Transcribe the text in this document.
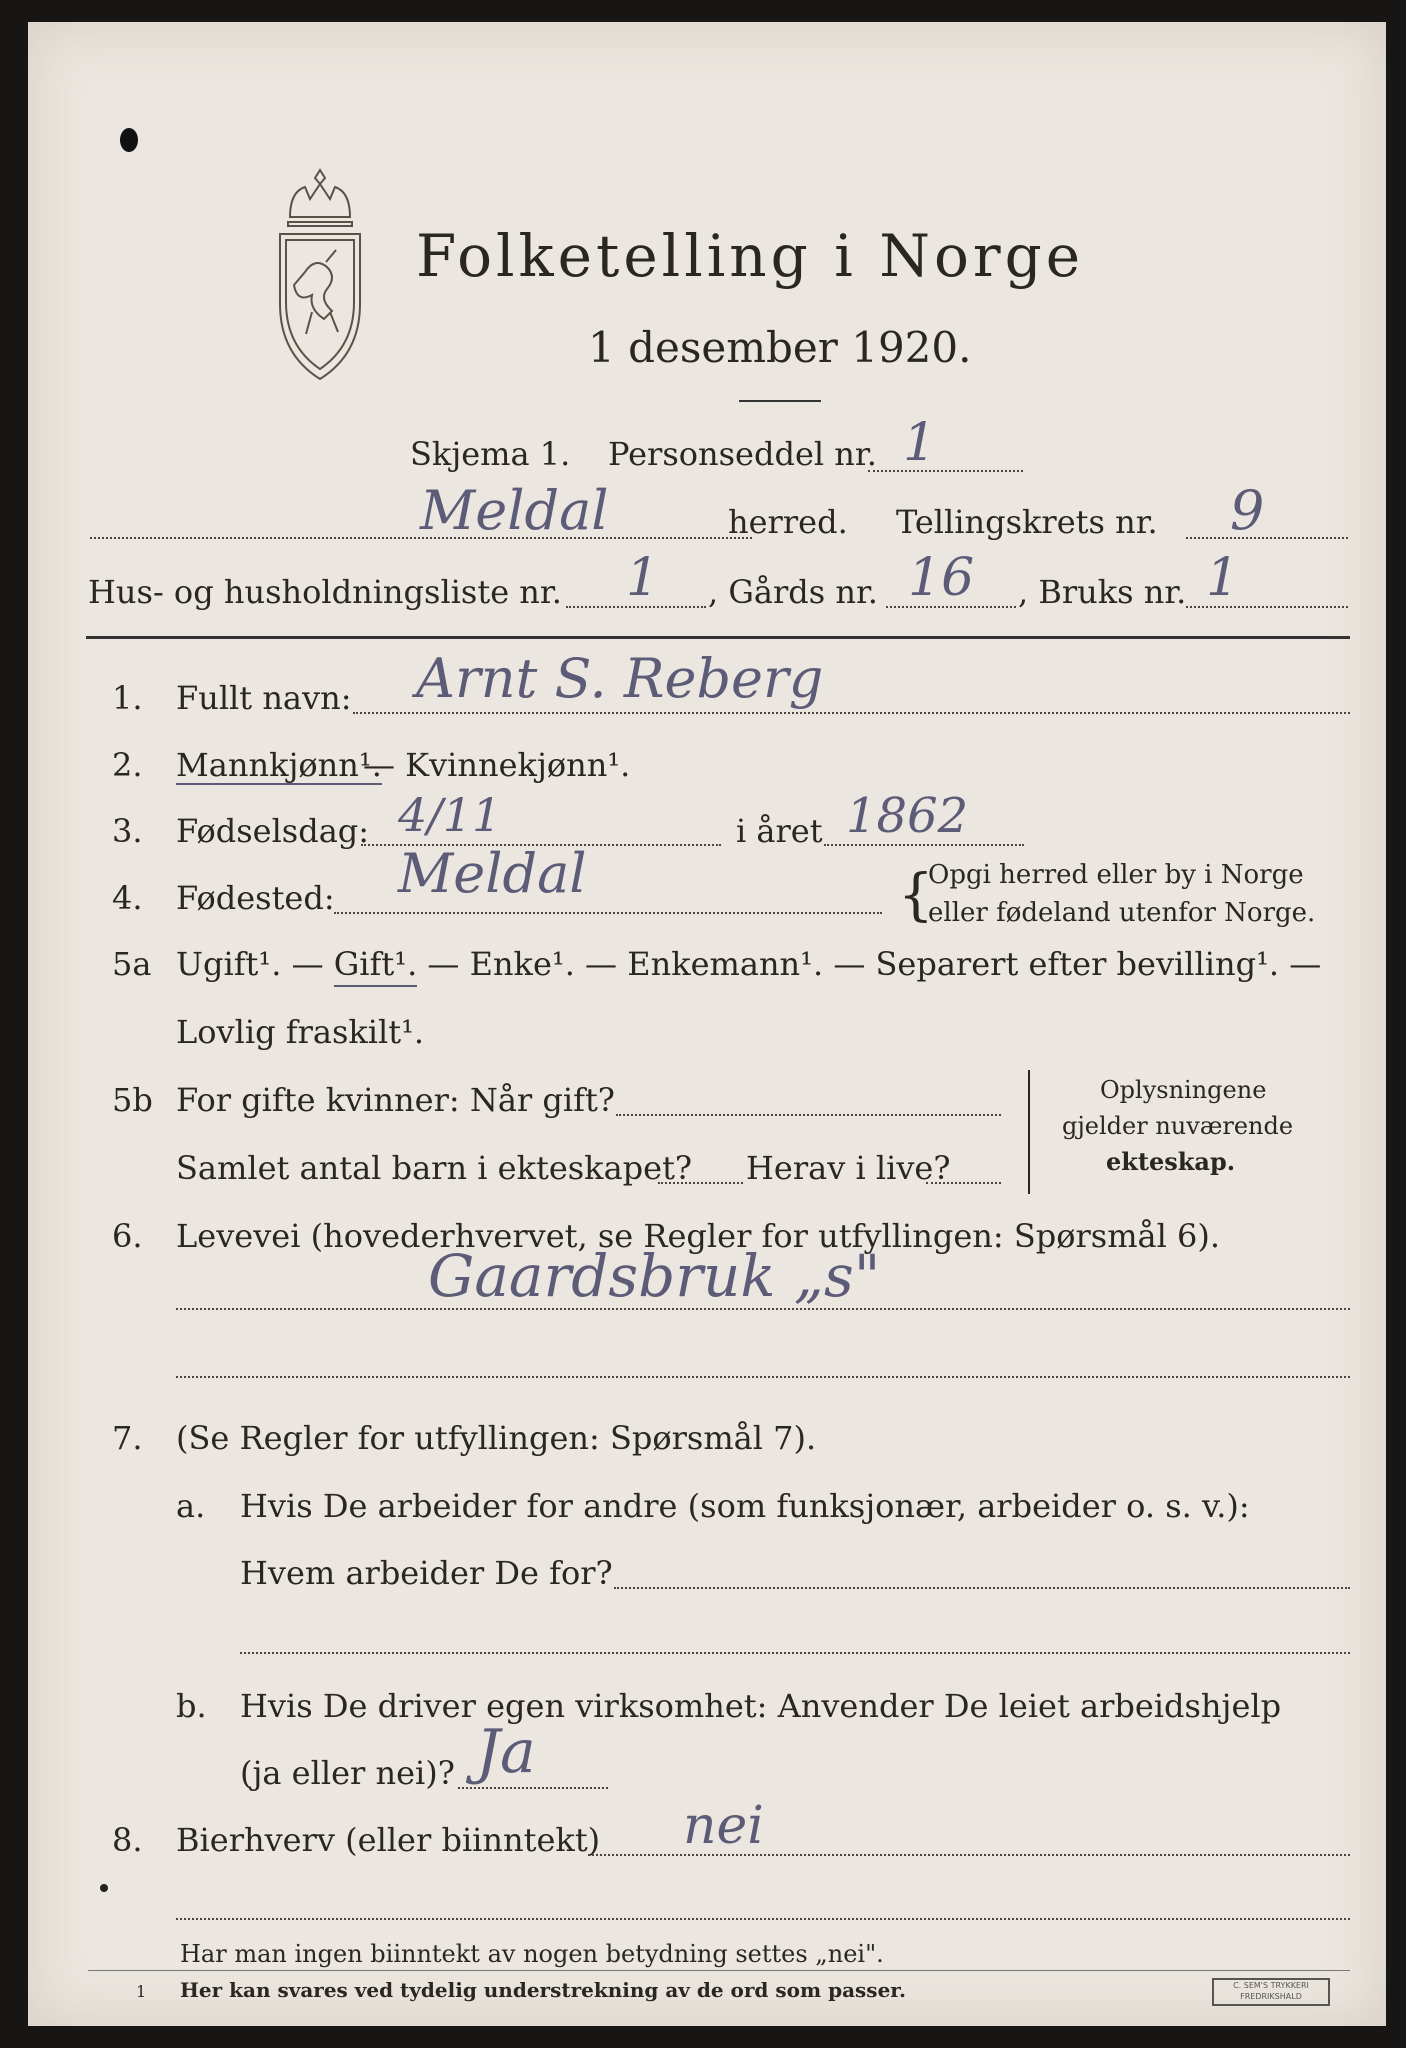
Folketelling i Norge
1 desember 1920.
Skjema 1. Personseddel nr. 1
Meldal	herred. Tellingskrets nr. 9
Hus- og husholdningsliste nr. 1 , Gårds nr. 16 , Bruks nr. 1
1. Fullt navn: Arnt S. Reberg
2. Mannkjønn¹.
— Kvinnekjønn¹.
3. Fødselsdag: 4/11	i året 1862
4. Fødested: Meldal	{
Opgi herred eller by i Norge
eller fødeland utenfor Norge.
5a Ugift¹. — Gift¹. — Enke¹. — Enkemann¹. — Separert efter bevilling¹. —
Lovlig fraskilt¹.
5b For gifte kvinner: Når gift?
Samlet antal barn i ekteskapet? Herav i live?
Oplysningene
gjelder nuværende
ekteskap.
6. Levevei (hovederhvervet, se Regler for utfyllingen: Spørsmål 6).
Gaardsbruk „s"
7. (Se Regler for utfyllingen: Spørsmål 7).
a. Hvis De arbeider for andre (som funksjonær, arbeider o. s. v.):
Hvem arbeider De for?
b. Hvis De driver egen virksomhet: Anvender De leiet arbeidshjelp
(ja eller nei)? Ja
8. Bierhverv (eller biinntekt) nei
Har man ingen biinntekt av nogen betydning settes „nei".
1 Her kan svares ved tydelig understrekning av de ord som passer.	C. SEM'S TRYKKERI FREDRIKSHALD
